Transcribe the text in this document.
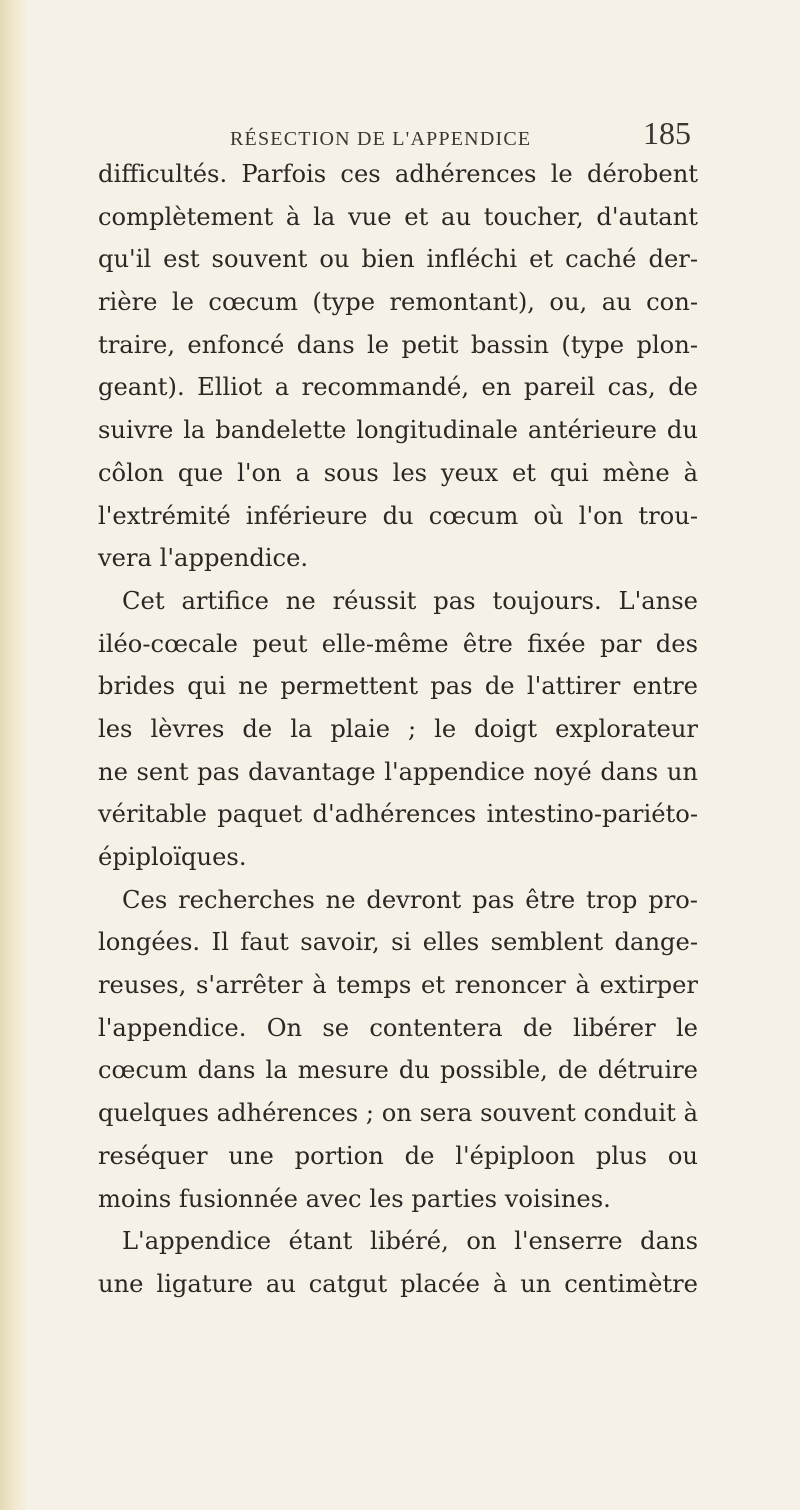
RÉSECTION DE L'APPENDICE	185
difficultés. Parfois ces adhérences le dérobent
complètement à la vue et au toucher, d'autant
qu'il est souvent ou bien infléchi et caché der-
rière le cœcum (type remontant), ou, au con-
traire, enfoncé dans le petit bassin (type plon-
geant). Elliot a recommandé, en pareil cas, de
suivre la bandelette longitudinale antérieure du
côlon que l'on a sous les yeux et qui mène à
l'extrémité inférieure du cœcum où l'on trou-
vera l'appendice.
Cet artifice ne réussit pas toujours. L'anse
iléo-cœcale peut elle-même être fixée par des
brides qui ne permettent pas de l'attirer entre
les lèvres de la plaie ; le doigt explorateur
ne sent pas davantage l'appendice noyé dans un
véritable paquet d'adhérences intestino-pariéto-
épiploïques.
Ces recherches ne devront pas être trop pro-
longées. Il faut savoir, si elles semblent dange-
reuses, s'arrêter à temps et renoncer à extirper
l'appendice. On se contentera de libérer le
cœcum dans la mesure du possible, de détruire
quelques adhérences ; on sera souvent conduit à
reséquer une portion de l'épiploon plus ou
moins fusionnée avec les parties voisines.
L'appendice étant libéré, on l'enserre dans
une ligature au catgut placée à un centimètre
